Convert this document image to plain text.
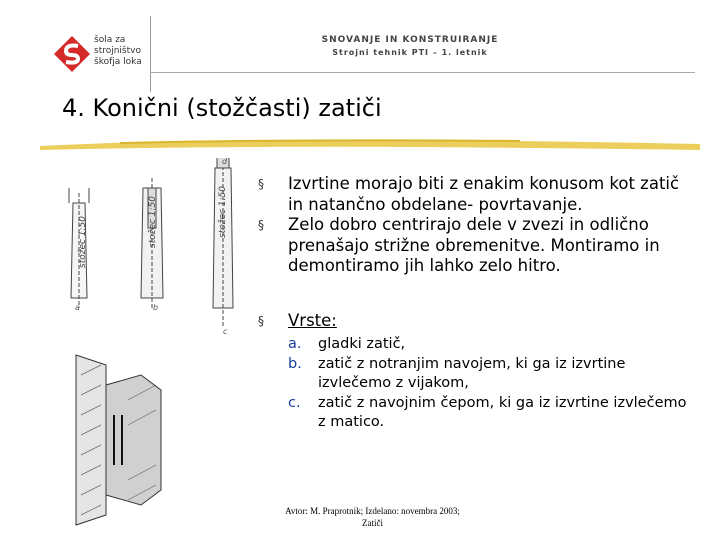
šola za
strojništvo
škofja loka
SNOVANJE IN KONSTRUIRANJE
Strojni tehnik PTI – 1. letnik
4. Konični (stožčasti) zatiči
stožec 1:50	stožec 1:50	stožec 1:50
a	b
c
d
§ Izvrtine morajo biti z enakim konusom kot zatič in natančno obdelane- povrtavanje.
§ Zelo dobro centrirajo dele v zvezi in odlično prenašajo strižne obremenitve. Montiramo in demontiramo jih lahko zelo hitro.
§ Vrste:
a. gladki zatič,
b. zatič z notranjim navojem, ki ga iz izvrtine izvlečemo z vijakom,
c. zatič z navojnim čepom, ki ga iz izvrtine izvlečemo z matico.
Avtor: M. Praprotnik; Izdelano: novembra 2003;
Zatiči
